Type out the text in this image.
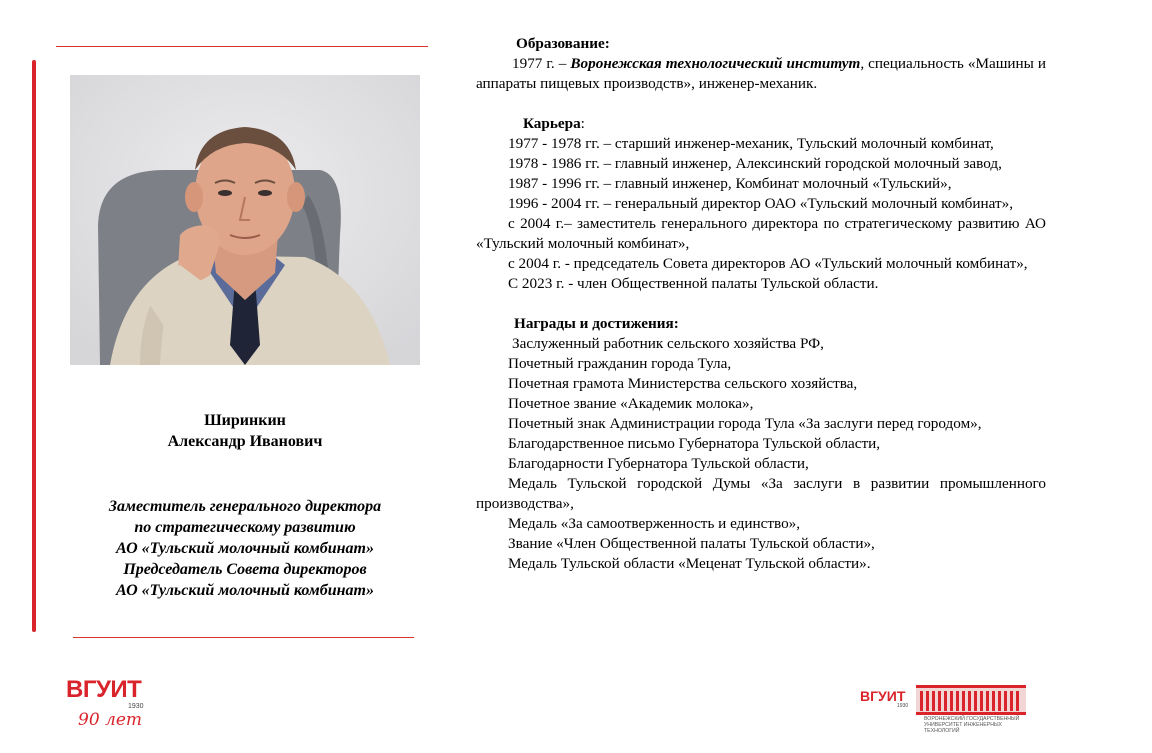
Ширинкин
Александр Иванович
Заместитель генерального директора
по стратегическому развитию
АО «Тульский молочный комбинат»
Председатель Совета директоров
АО «Тульский молочный комбинат»

Образование:

1977 г. – Воронежская технологический институт, специальность «Машины и аппараты пищевых производств», инженер-механик.

Карьера:

1977 - 1978 гг. – старший инженер-механик, Тульский молочный комбинат,

1978 - 1986 гг. – главный инженер, Алексинский городской молочный завод,

1987 - 1996 гг. – главный инженер, Комбинат молочный «Тульский»,

1996 - 2004 гг. – генеральный директор ОАО «Тульский молочный комбинат»,

с 2004 г.– заместитель генерального директора по стратегическому развитию АО «Тульский молочный комбинат»,

с 2004 г. - председатель Совета директоров АО «Тульский молочный комбинат»,

С 2023 г. - член Общественной палаты Тульской области.

Награды и достижения:

Заслуженный работник сельского хозяйства РФ,

Почетный гражданин города Тула,

Почетная грамота Министерства сельского хозяйства,

Почетное звание «Академик молока»,

Почетный знак Администрации города Тула «За заслуги перед городом»,

Благодарственное письмо Губернатора Тульской области,

Благодарности Губернатора Тульской области,

Медаль Тульской городской Думы «За заслуги в развитии промышленного производства»,

Медаль «За самоотверженность и единство»,

Звание «Член Общественной палаты Тульской области»,

Медаль Тульской области «Меценат Тульской области».

ВГУИТ
1930
90 лет
ВГУИТ
1930
ВОРОНЕЖСКИЙ ГОСУДАРСТВЕННЫЙ
УНИВЕРСИТЕТ ИНЖЕНЕРНЫХ
ТЕХНОЛОГИЙ
